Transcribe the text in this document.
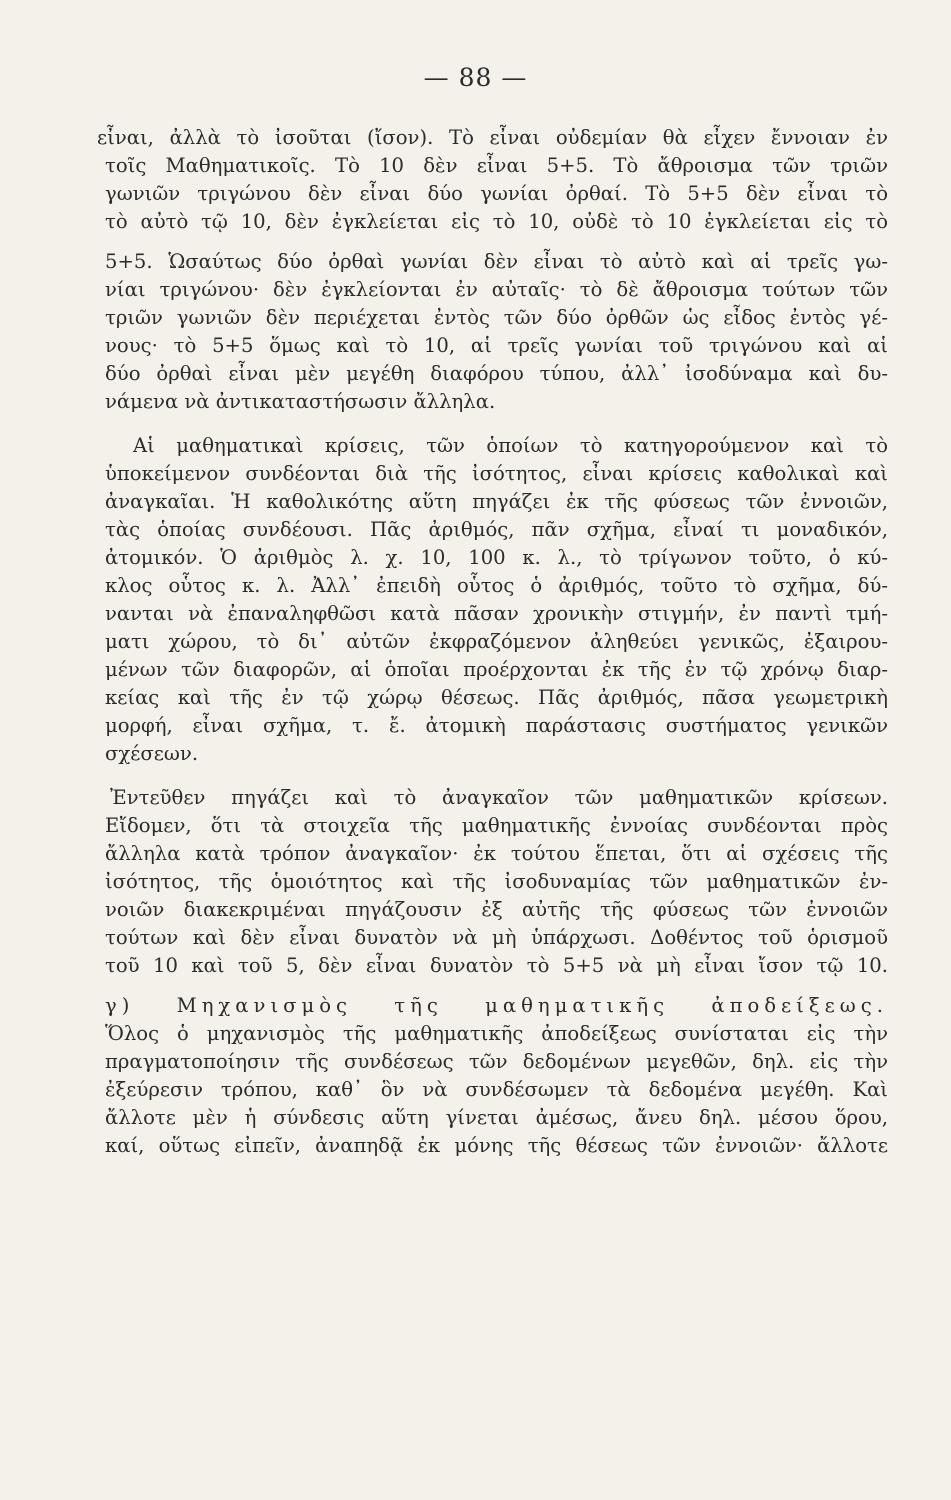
— 88 —
εἶναι, ἀλλὰ τὸ ἰσοῦται (ἴσον). Τὸ εἶναι οὐδεμίαν θὰ εἶχεν ἔννοιαν ἐν
τοῖς Μαθηματικοῖς. Τὸ 10 δὲν εἶναι 5+5. Τὸ ἄθροισμα τῶν τριῶν
γωνιῶν τριγώνου δὲν εἶναι δύο γωνίαι ὀρθαί. Τὸ 5+5 δὲν εἶναι τὸ
τὸ αὐτὸ τῷ 10, δὲν ἐγκλείεται εἰς τὸ 10, οὐδὲ τὸ 10 ἐγκλείεται εἰς τὸ
5+5. Ὡσαύτως δύο ὀρθαὶ γωνίαι δὲν εἶναι τὸ αὐτὸ καὶ αἱ τρεῖς γω-
νίαι τριγώνου· δὲν ἐγκλείονται ἐν αὐταῖς· τὸ δὲ ἄθροισμα τούτων τῶν
τριῶν γωνιῶν δὲν περιέχεται ἐντὸς τῶν δύο ὀρθῶν ὡς εἶδος ἐντὸς γέ-
νους· τὸ 5+5 ὅμως καὶ τὸ 10, αἱ τρεῖς γωνίαι τοῦ τριγώνου καὶ αἱ
δύο ὀρθαὶ εἶναι μὲν μεγέθη διαφόρου τύπου, ἀλλ᾽ ἰσοδύναμα καὶ δυ-
νάμενα νὰ ἀντικαταστήσωσιν ἄλληλα.
Αἱ μαθηματικαὶ κρίσεις, τῶν ὁποίων τὸ κατηγορούμενον καὶ τὸ
ὑποκείμενον συνδέονται διὰ τῆς ἰσότητος, εἶναι κρίσεις καθολικαὶ καὶ
ἀναγκαῖαι. Ἡ καθολικότης αὕτη πηγάζει ἐκ τῆς φύσεως τῶν ἐννοιῶν,
τὰς ὁποίας συνδέουσι. Πᾶς ἀριθμός, πᾶν σχῆμα, εἶναί τι μοναδικόν,
ἀτομικόν. Ὁ ἀριθμὸς λ. χ. 10, 100 κ. λ., τὸ τρίγωνον τοῦτο, ὁ κύ-
κλος οὗτος κ. λ. Ἀλλ᾽ ἐπειδὴ οὗτος ὁ ἀριθμός, τοῦτο τὸ σχῆμα, δύ-
νανται νὰ ἐπαναληφθῶσι κατὰ πᾶσαν χρονικὴν στιγμήν, ἐν παντὶ τμή-
ματι χώρου, τὸ δι᾽ αὐτῶν ἐκφραζόμενον ἀληθεύει γενικῶς, ἐξαιρου-
μένων τῶν διαφορῶν, αἱ ὁποῖαι προέρχονται ἐκ τῆς ἐν τῷ χρόνῳ διαρ-
κείας καὶ τῆς ἐν τῷ χώρῳ θέσεως. Πᾶς ἀριθμός, πᾶσα γεωμετρικὴ
μορφή, εἶναι σχῆμα, τ. ἔ. ἀτομικὴ παράστασις συστήματος γενικῶν
σχέσεων.
Ἐντεῦθεν πηγάζει καὶ τὸ ἀναγκαῖον τῶν μαθηματικῶν κρίσεων.
Εἴδομεν, ὅτι τὰ στοιχεῖα τῆς μαθηματικῆς ἐννοίας συνδέονται πρὸς
ἄλληλα κατὰ τρόπον ἀναγκαῖον· ἐκ τούτου ἕπεται, ὅτι αἱ σχέσεις τῆς
ἰσότητος, τῆς ὁμοιότητος καὶ τῆς ἰσοδυναμίας τῶν μαθηματικῶν ἐν-
νοιῶν διακεκριμέναι πηγάζουσιν ἐξ αὐτῆς τῆς φύσεως τῶν ἐννοιῶν
τούτων καὶ δὲν εἶναι δυνατὸν νὰ μὴ ὑπάρχωσι. Δοθέντος τοῦ ὁρισμοῦ
τοῦ 10 καὶ τοῦ 5, δὲν εἶναι δυνατὸν τὸ 5+5 νὰ μὴ εἶναι ἴσον τῷ 10.
γ) Μηχανισμὸς τῆς μαθηματικῆς ἀποδείξεως.
Ὅλος ὁ μηχανισμὸς τῆς μαθηματικῆς ἀποδείξεως συνίσταται εἰς τὴν
πραγματοποίησιν τῆς συνδέσεως τῶν δεδομένων μεγεθῶν, δηλ. εἰς τὴν
ἐξεύρεσιν τρόπου, καθ᾽ ὃν νὰ συνδέσωμεν τὰ δεδομένα μεγέθη. Καὶ
ἄλλοτε μὲν ἡ σύνδεσις αὕτη γίνεται ἀμέσως, ἄνευ δηλ. μέσου ὅρου,
καί, οὕτως εἰπεῖν, ἀναπηδᾷ ἐκ μόνης τῆς θέσεως τῶν ἐννοιῶν· ἄλλοτε
